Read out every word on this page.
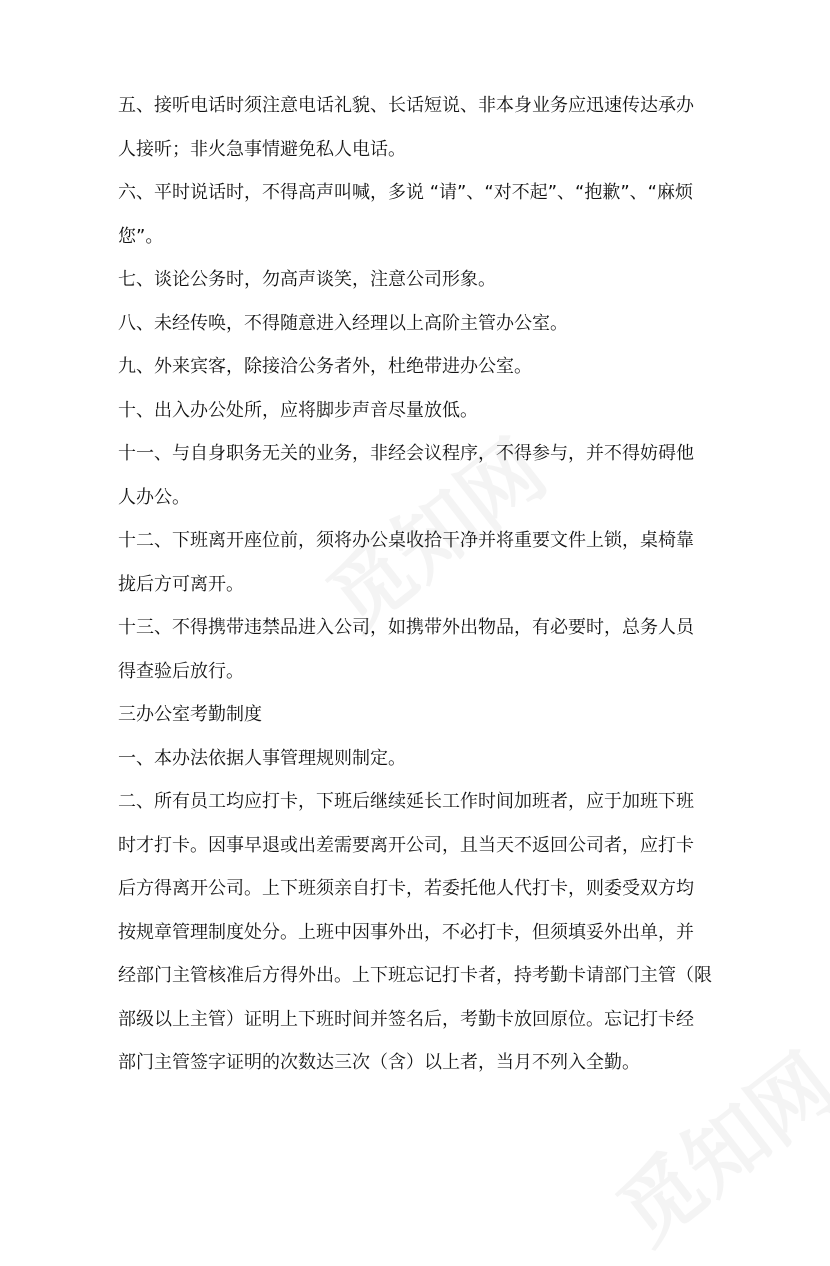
五、接听电话时须注意电话礼貌、长话短说、非本身业务应迅速传达承办

人接听；非火急事情避免私人电话。

六、平时说话时，不得高声叫喊，多说 “请”、“对不起”、“抱歉”、“麻烦

您”。

七、谈论公务时，勿高声谈笑，注意公司形象。

八、未经传唤，不得随意进入经理以上高阶主管办公室。

九、外来宾客，除接洽公务者外，杜绝带进办公室。

十、出入办公处所，应将脚步声音尽量放低。

十一、与自身职务无关的业务，非经会议程序，不得参与，并不得妨碍他

人办公。

十二、下班离开座位前，须将办公桌收拾干净并将重要文件上锁，桌椅靠

拢后方可离开。

十三、不得携带违禁品进入公司，如携带外出物品，有必要时，总务人员

得查验后放行。

三办公室考勤制度

一、本办法依据人事管理规则制定。

二、所有员工均应打卡，下班后继续延长工作时间加班者，应于加班下班

时才打卡。因事早退或出差需要离开公司，且当天不返回公司者，应打卡

后方得离开公司。上下班须亲自打卡，若委托他人代打卡，则委受双方均

按规章管理制度处分。上班中因事外出，不必打卡，但须填妥外出单，并

经部门主管核准后方得外出。上下班忘记打卡者，持考勤卡请部门主管（限

部级以上主管）证明上下班时间并签名后，考勤卡放回原位。忘记打卡经

部门主管签字证明的次数达三次（含）以上者，当月不列入全勤。
